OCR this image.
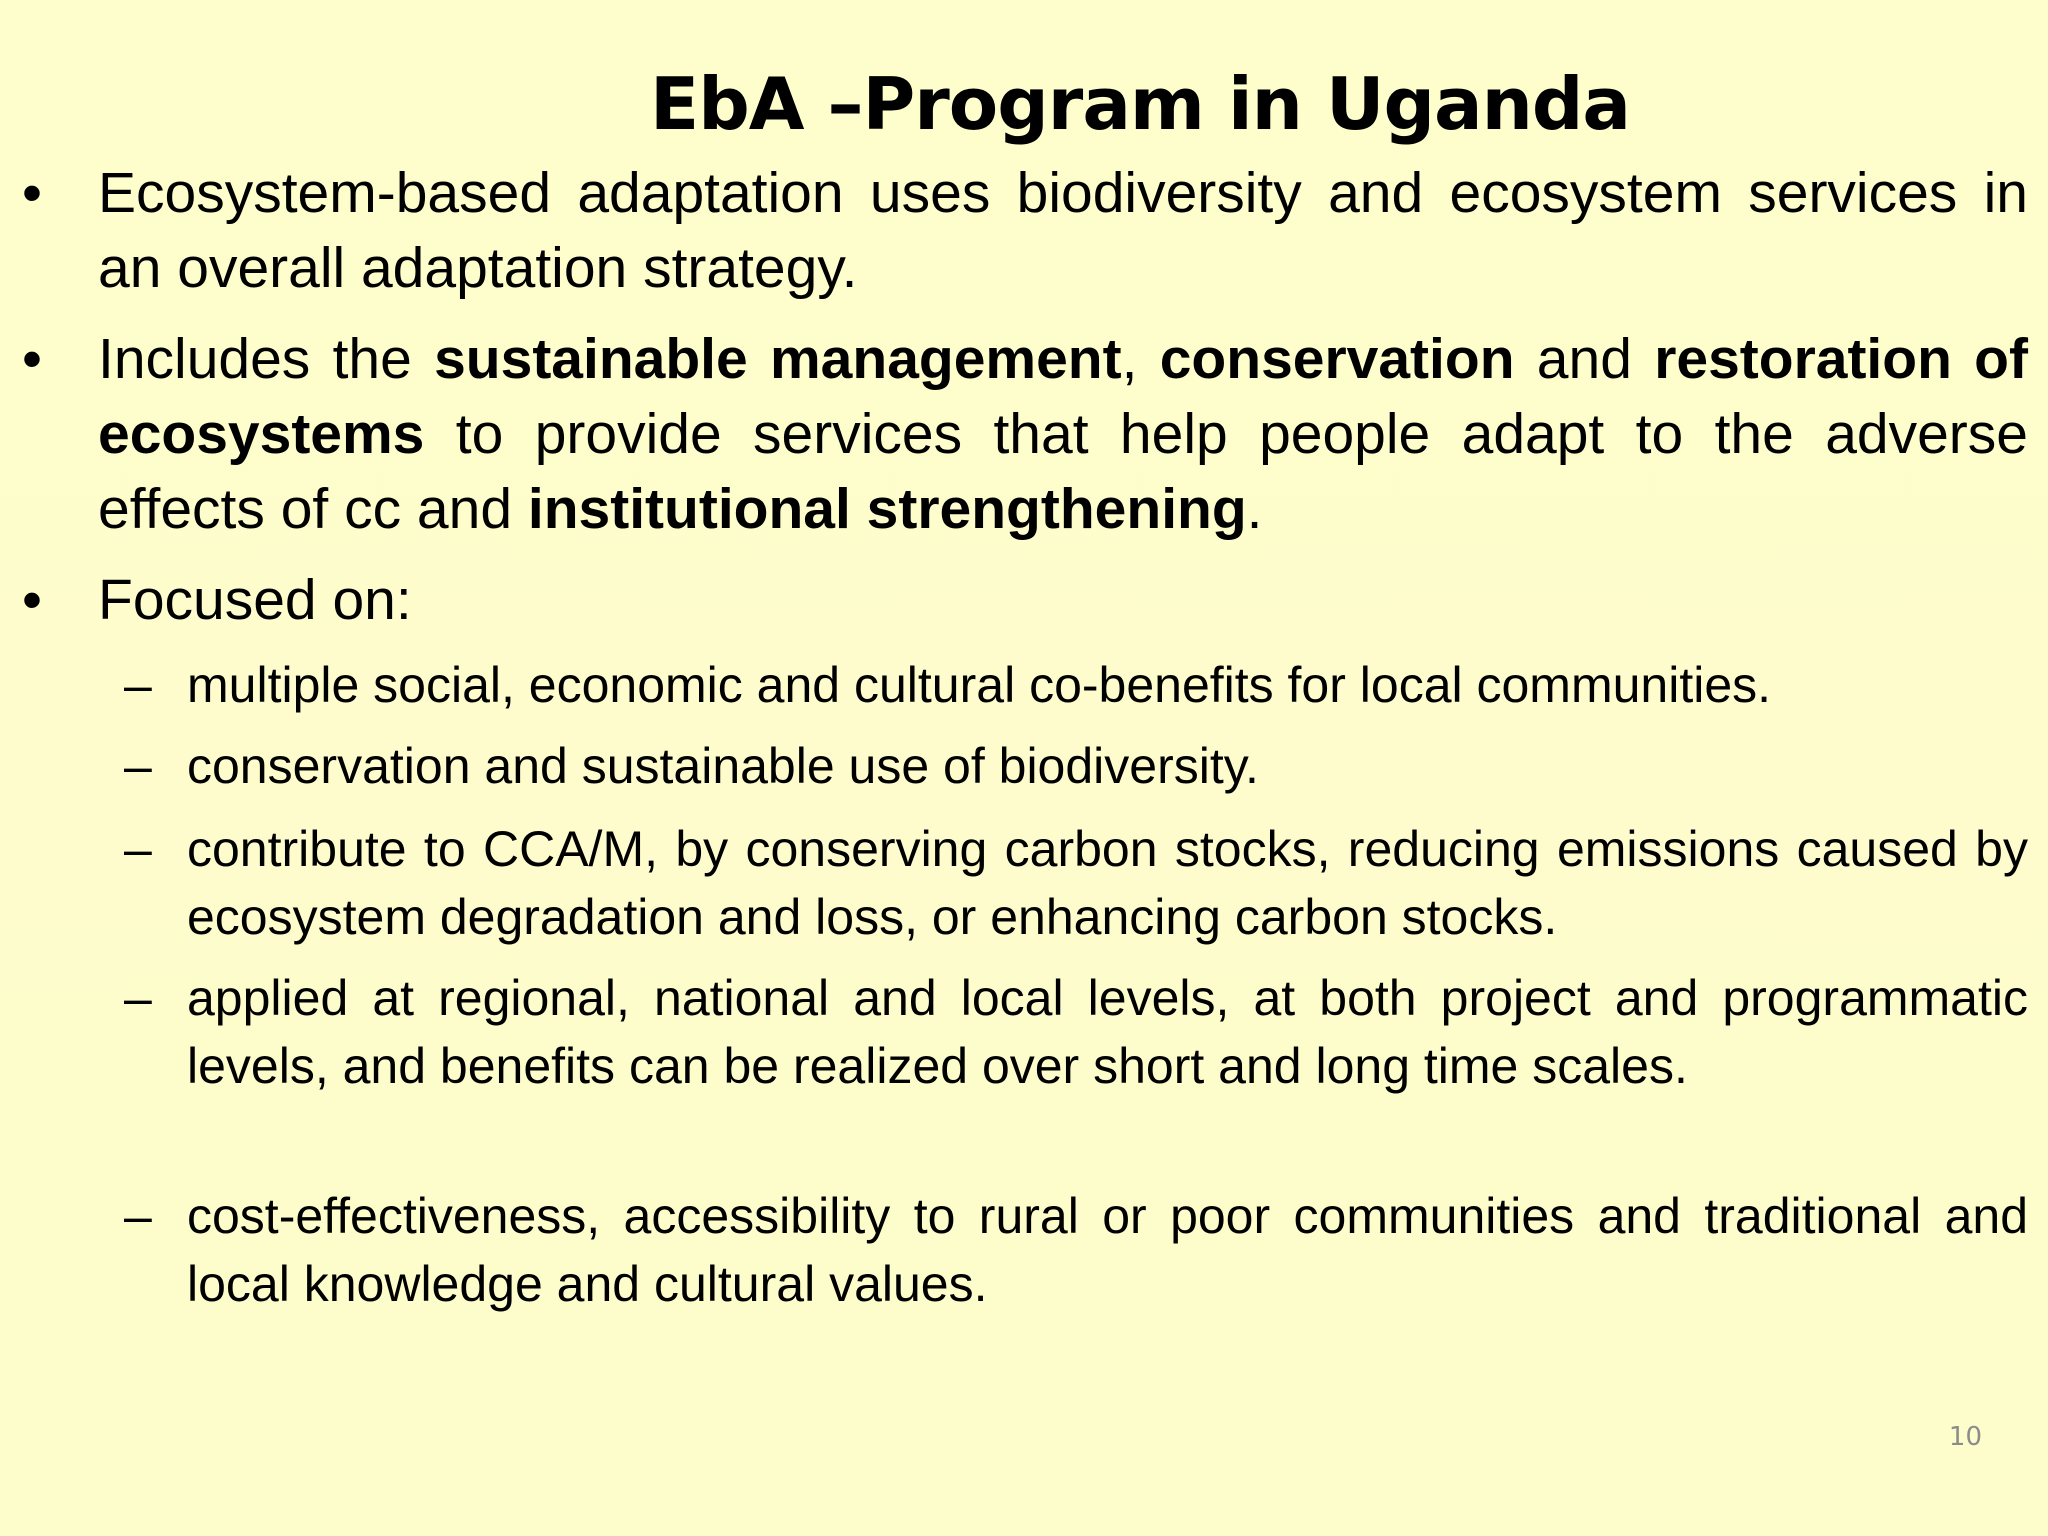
EbA –Program in Uganda
• Ecosystem-based adaptation uses biodiversity and ecosystem services in an overall adaptation strategy.
• Includes the sustainable management, conservation and restoration of ecosystems to provide services that help people adapt to the adverse effects of cc and institutional strengthening.
• Focused on:
– multiple social, economic and cultural co-benefits for local communities.
– conservation and sustainable use of biodiversity.
– contribute to CCA/M, by conserving carbon stocks, reducing emissions caused by ecosystem degradation and loss, or enhancing carbon stocks.
– applied at regional, national and local levels, at both project and programmatic levels, and benefits can be realized over short and long time scales.
– cost-effectiveness, accessibility to rural or poor communities and traditional and local knowledge and cultural values.
10
